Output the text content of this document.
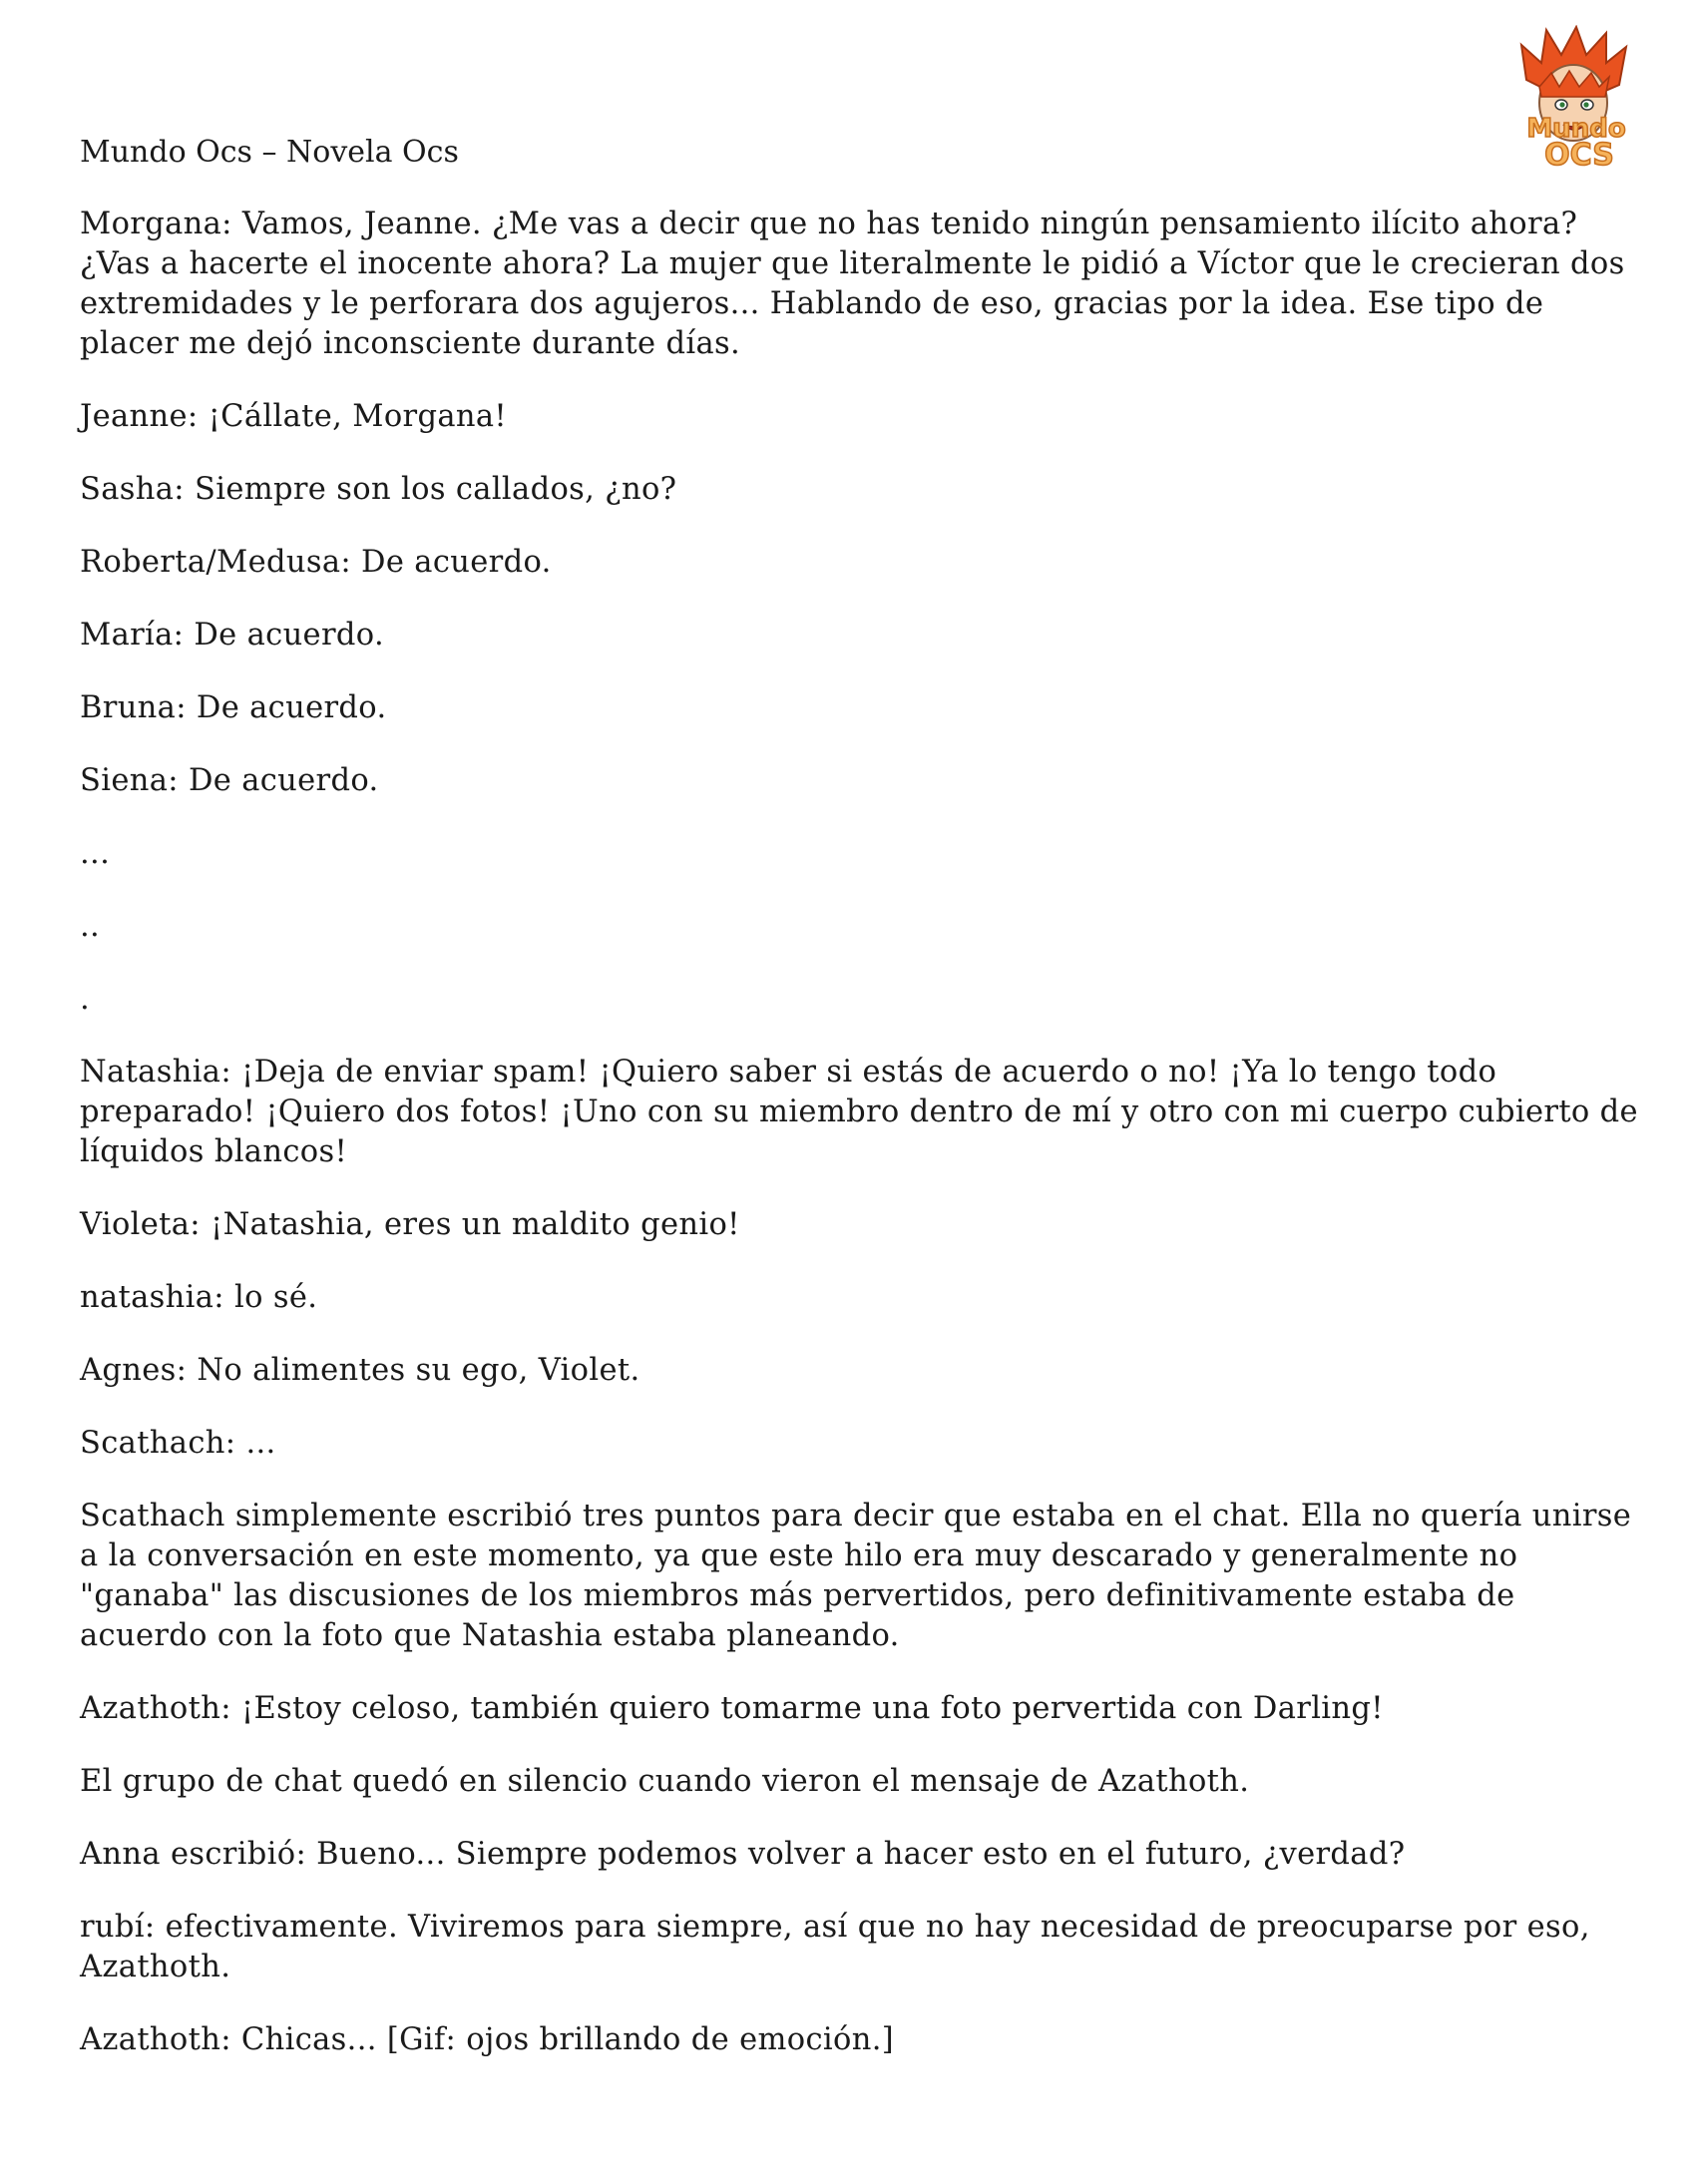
Mundo Ocs – Novela Ocs
Mundo
OCS

Morgana: Vamos, Jeanne. ¿Me vas a decir que no has tenido ningún pensamiento ilícito ahora? ¿Vas a hacerte el inocente ahora? La mujer que literalmente le pidió a Víctor que le crecieran dos extremidades y le perforara dos agujeros... Hablando de eso, gracias por la idea. Ese tipo de placer me dejó inconsciente durante días.

Jeanne: ¡Cállate, Morgana!

Sasha: Siempre son los callados, ¿no?

Roberta/Medusa: De acuerdo.

María: De acuerdo.

Bruna: De acuerdo.

Siena: De acuerdo.

...

..

.

Natashia: ¡Deja de enviar spam! ¡Quiero saber si estás de acuerdo o no! ¡Ya lo tengo todo preparado! ¡Quiero dos fotos! ¡Uno con su miembro dentro de mí y otro con mi cuerpo cubierto de líquidos blancos!

Violeta: ¡Natashia, eres un maldito genio!

natashia: lo sé.

Agnes: No alimentes su ego, Violet.

Scathach: ...

Scathach simplemente escribió tres puntos para decir que estaba en el chat. Ella no quería unirse a la conversación en este momento, ya que este hilo era muy descarado y generalmente no "ganaba" las discusiones de los miembros más pervertidos, pero definitivamente estaba de acuerdo con la foto que Natashia estaba planeando.

Azathoth: ¡Estoy celoso, también quiero tomarme una foto pervertida con Darling!

El grupo de chat quedó en silencio cuando vieron el mensaje de Azathoth.

Anna escribió: Bueno... Siempre podemos volver a hacer esto en el futuro, ¿verdad?

rubí: efectivamente. Viviremos para siempre, así que no hay necesidad de preocuparse por eso, Azathoth.

Azathoth: Chicas... [Gif: ojos brillando de emoción.]
